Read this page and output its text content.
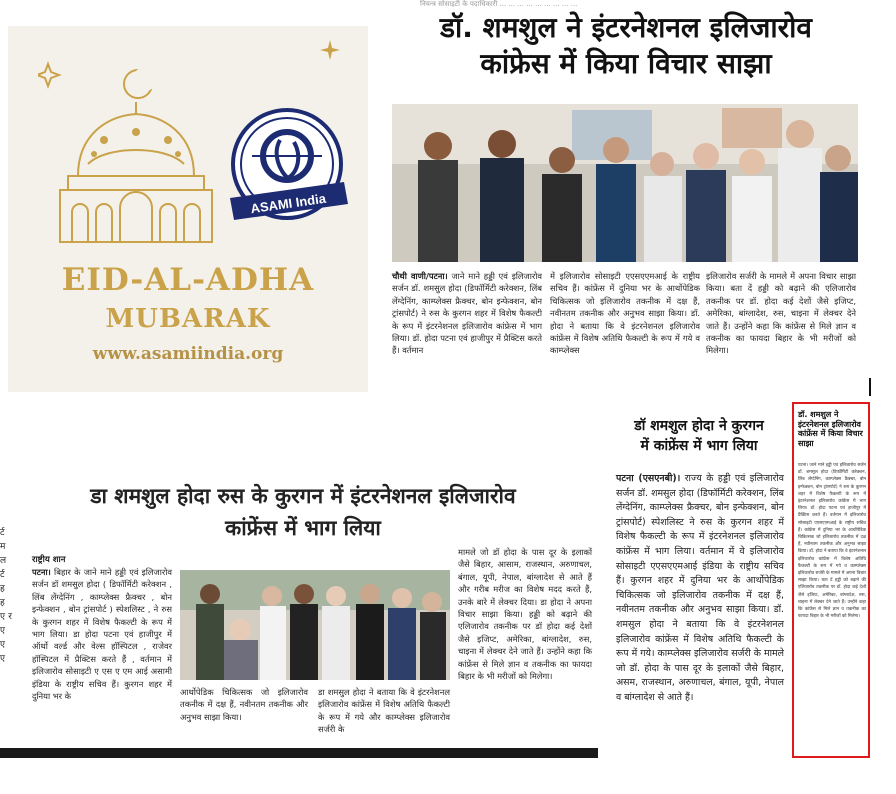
ASAMI India
EID-AL-ADHA
MUBARAK
www.asamiindia.org
नियन्त्र सोसाइटी के पदाधिकारी ... ... ... ... ... ... ... ... ...
डॉ. शमशुल ने इंटरनेशनल इलिजारोव
कांफ्रेस में किया विचार साझा
चौथी वाणी/पटना। जाने माने हड्डी एवं इलिजारोव सर्जन डॉ. शमसुल होदा (डिफॉर्मिटी करेक्शन, लिंब लेंग्देनिंग, काम्प्लेक्स फ्रैक्चर, बोन इन्फेक्शन, बोन ट्रांसपोर्ट) ने रुस के कुरगन शहर में विशेष फैकल्टी के रूप में इंटरनेशनल इलिजारोव कांफ्रेस में भाग लिया। डॉ. होदा पटना एवं हाजीपुर में प्रैक्टिस करते हैं। वर्तमान
में इलिजारोव सोसाइटी एएसएएमआई के राष्ट्रीय सचिव हैं। कांफ्रेंस में दुनिया भर के आर्थोपेडिक चिकित्सक जो इलिजारोव तकनीक में दक्ष हैं, नवीनतम तकनीक और अनुभव साझा किया। डॉ. होदा ने बताया कि वे इंटरनेशनल इलिजारोव कांफ्रेंस में विशेष अतिथि फैकल्टी के रूप में गये व काम्प्लेक्स
इलिजारोव सर्जरी के मामले में अपना विचार साझा किया। बता दें हड्डी को बढ़ाने की एलिजारोव तकनीक पर डॉ. होदा कई देशों जैसे इजिप्ट, अमेरिका, बांग्लादेश, रुस, चाइना में लेक्चर देने जाते हैं। उन्होंने कहा कि कांफ्रेंस से मिले ज्ञान व तकनीक का फायदा बिहार के भी मरीजों को मिलेगा।
र्ट म ल र्ट ह ह ए र ए ए ए
डा शमशुल होदा रुस के कुरगन में इंटरनेशनल इलिजारोव
कांफ्रेंस में भाग लिया
राष्ट्रीय शान
पटना। बिहार के जाने माने हड्डी एवं इलिजारोव सर्जन डॉ शमसुल होदा ( डिफॉर्मिटी करेक्शन , लिंब लेंग्देनिंग , काम्प्लेक्स फ्रैक्चर , बोन इन्फेक्शन , बोन ट्रांसपोर्ट ) स्पेशलिस्ट , ने रुस के कुरगन शहर में विशेष फैकल्टी के रूप में भाग लिया। डा होदा पटना एवं हाजीपुर में ऑर्थो वर्ल्ड और वेल्स हॉस्पिटल , राजेवर हॉस्पिटल में प्रैक्टिस करते हैं , वर्तमान में इलिजारोव सोसाइटी ए एस ए एम आई असामी इंडिया के राष्ट्रीय सचिव हैं। कुरगन शहर में दुनिया भर के	आर्थोपेडिक चिकित्सक जो इलिजारोव तकनीक में दक्ष हैं, नवीनतम तकनीक और अनुभव साझा किया।
डा शमसुल होदा ने बताया कि वे इंटरनेशनल इलिजारोव कांफ्रेंस में विशेष अतिथि फैकल्टी के रूप में गये और काम्प्लेक्स इलिजारोव सर्जरी के
मामले जो डॉ होदा के पास दूर के इलाकों जैसे बिहार, आसाम, राजस्थान, अरुणाचल, बंगाल, यूपी, नेपाल, बांग्लादेश से आते हैं और गरीब मरीज का विशेष मदद करते हैं, उनके बारे में लेक्चर दिया। डा होदा ने अपना विचार साझा किया। हड्डी को बढ़ाने की एलिजारोव तकनीक पर डॉ होदा कई देशों जैसे इजिप्ट, अमेरिका, बांग्लादेश, रुस, चाइना में लेक्चर देने जाते हैं। उन्होंने कहा कि कांफ्रेंस से मिले ज्ञान व तकनीक का फायदा बिहार के भी मरीजों को मिलेगा।
डॉ शमशुल होदा ने कुरगन
में कांफ्रेंस में भाग लिया
पटना (एसएनबी)। राज्य के हड्डी एवं इलिजारोव सर्जन डॉ. शमसुल होदा (डिफॉर्मिटी करेक्शन, लिंब लेंग्देनिंग, काम्प्लेक्स फ्रैक्चर, बोन इन्फेक्शन, बोन ट्रांसपोर्ट) स्पेशलिस्ट ने रुस के कुरगन शहर में विशेष फैकल्टी के रूप में इंटरनेशनल इलिजारोव कांफ्रेंस में भाग लिया। वर्तमान में वे इलिजारोव सोसाइटी एएसएएमआई इंडिया के राष्ट्रीय सचिव हैं। कुरगन शहर में दुनिया भर के आर्थोपेडिक चिकित्सक जो इलिजारोव तकनीक में दक्ष हैं, नवीनतम तकनीक और अनुभव साझा किया। डॉ. शमसुल होदा ने बताया कि वे इंटरनेशनल इलिजारोव कांफ्रेंस में विशेष अतिथि फैकल्टी के रूप में गये। काम्प्लेक्स इलिजारोव सर्जरी के मामले जो डॉ. होदा के पास दूर के इलाकों जैसे बिहार, असम, राजस्थान, अरुणाचल, बंगाल, यूपी, नेपाल व बांग्लादेश से आते हैं।
डॉ. शमशुल ने इंटरनेशनल इलिजारोव कांफ्रेंस में किया विचार साझा
पटना। जाने माने हड्डी एवं इलिजारोव सर्जन डॉ. शमसुल होदा (डिफॉर्मिटी करेक्शन, लिंब लेंग्देनिंग, काम्प्लेक्स फ्रैक्चर, बोन इन्फेक्शन, बोन ट्रांसपोर्ट) ने रुस के कुरगन शहर में विशेष फैकल्टी के रूप में इंटरनेशनल इलिजारोव कांफ्रेंस में भाग लिया। डॉ. होदा पटना एवं हाजीपुर में प्रैक्टिस करते हैं। वर्तमान में इलिजारोव सोसाइटी एएसएएमआई के राष्ट्रीय सचिव हैं। कांफ्रेंस में दुनिया भर के आर्थोपेडिक चिकित्सक जो इलिजारोव तकनीक में दक्ष हैं, नवीनतम तकनीक और अनुभव साझा किया। डॉ. होदा ने बताया कि वे इंटरनेशनल इलिजारोव कांफ्रेंस में विशेष अतिथि फैकल्टी के रूप में गये व काम्प्लेक्स इलिजारोव सर्जरी के मामले में अपना विचार साझा किया। बता दें हड्डी को बढ़ाने की एलिजारोव तकनीक पर डॉ. होदा कई देशों जैसे इजिप्ट, अमेरिका, बांग्लादेश, रुस, चाइना में लेक्चर देने जाते हैं। उन्होंने कहा कि कांफ्रेंस से मिले ज्ञान व तकनीक का फायदा बिहार के भी मरीजों को मिलेगा।
